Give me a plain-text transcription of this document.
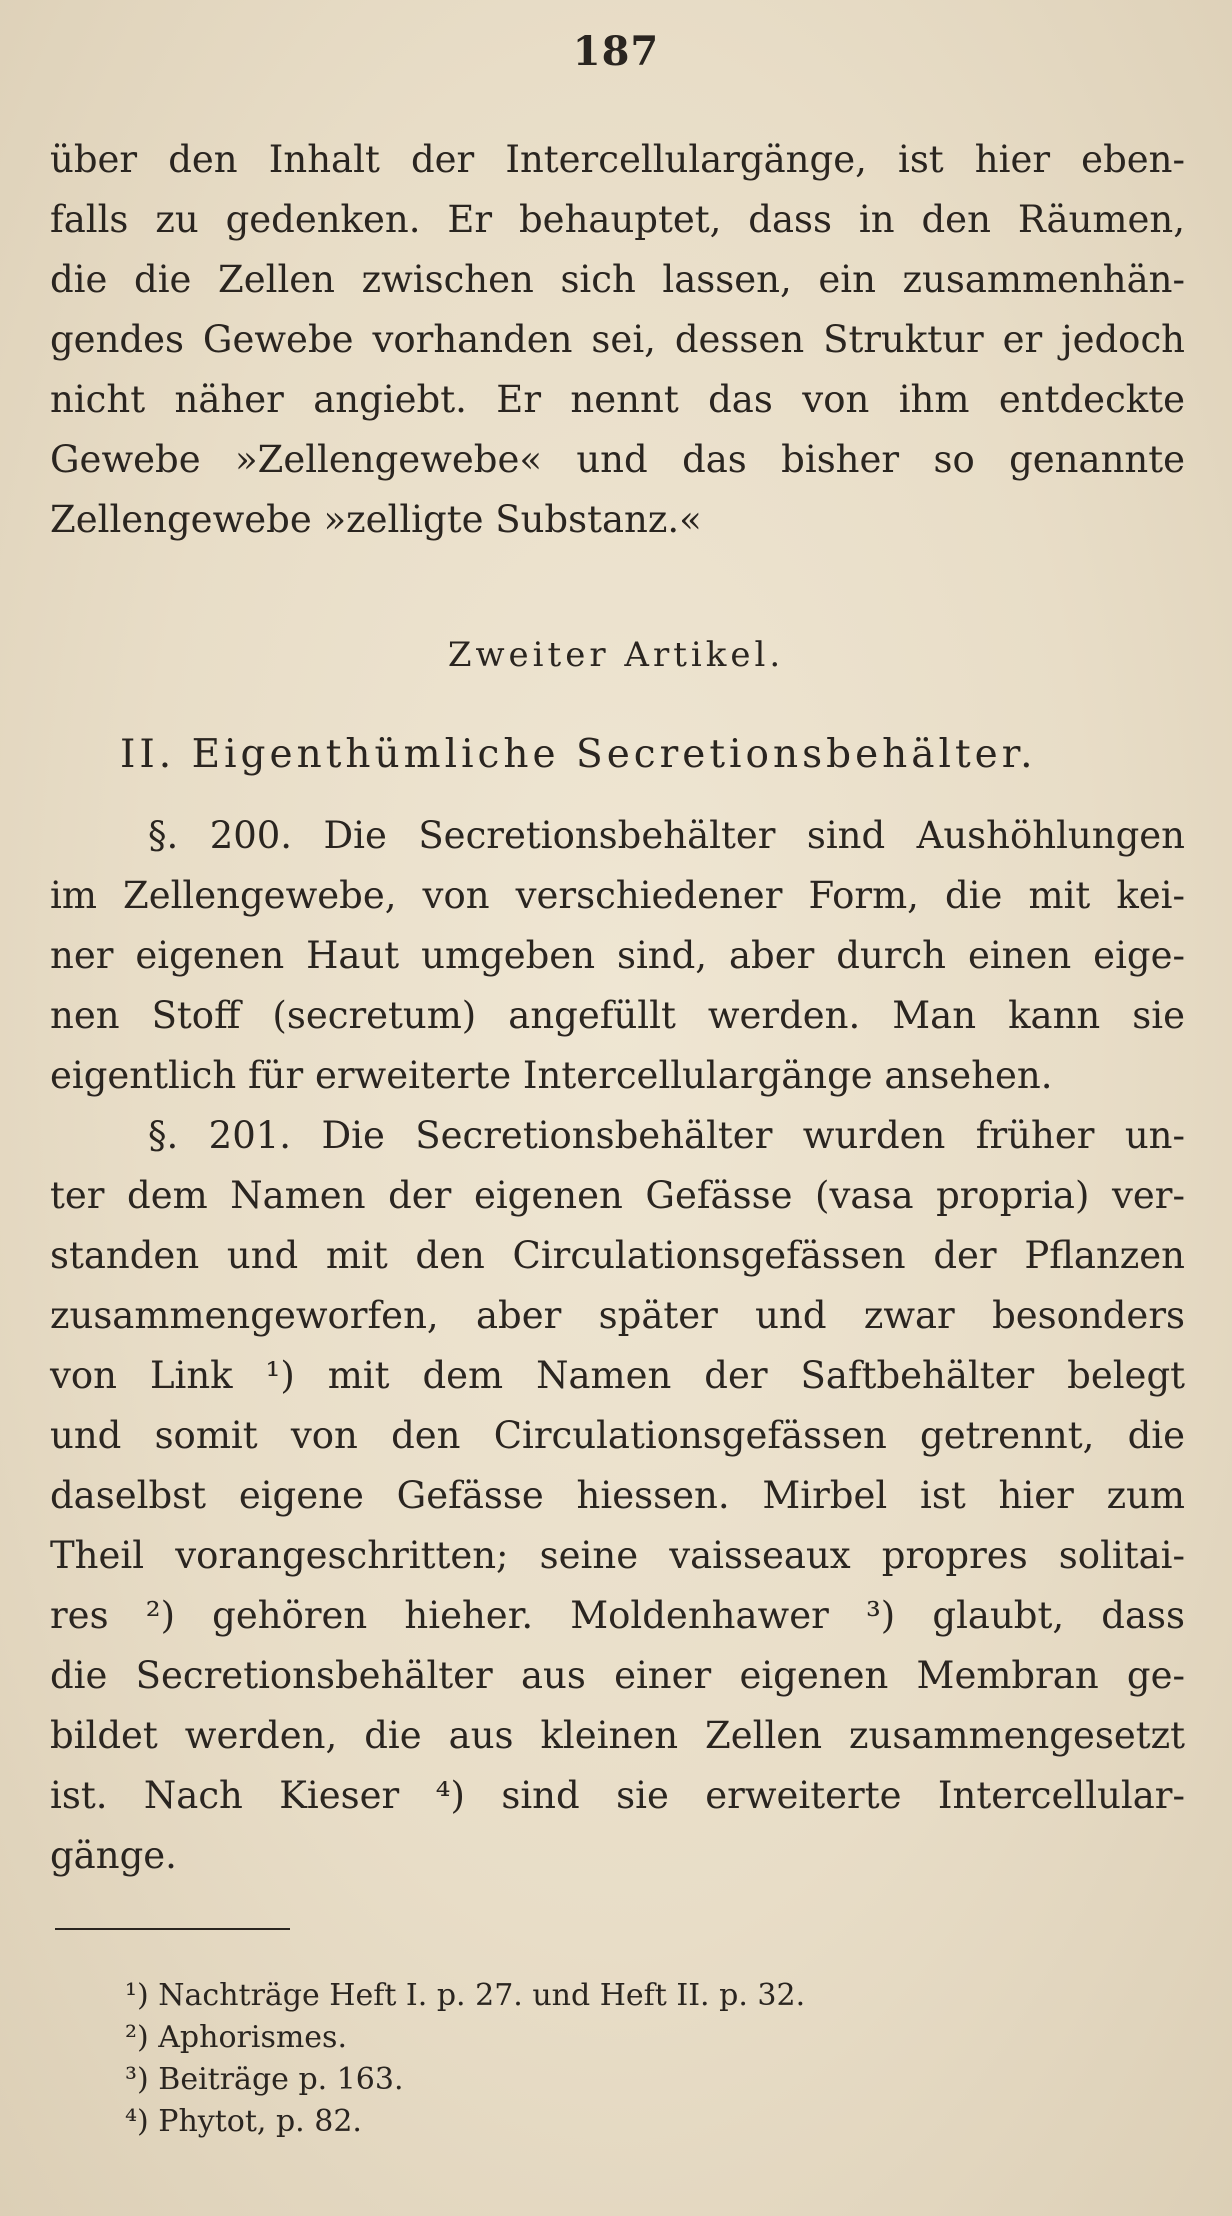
187
über den Inhalt der Intercellulargänge, ist hier eben-
falls zu gedenken. Er behauptet, dass in den Räumen,
die die Zellen zwischen sich lassen, ein zusammenhän-
gendes Gewebe vorhanden sei, dessen Struktur er jedoch
nicht näher angiebt. Er nennt das von ihm entdeckte
Gewebe »Zellengewebe« und das bisher so genannte
Zellengewebe »zelligte Substanz.«
Zweiter Artikel.
II. Eigenthümliche Secretionsbehälter.
§. 200. Die Secretionsbehälter sind Aushöhlungen
im Zellengewebe, von verschiedener Form, die mit kei-
ner eigenen Haut umgeben sind, aber durch einen eige-
nen Stoff (secretum) angefüllt werden. Man kann sie
eigentlich für erweiterte Intercellulargänge ansehen.
§. 201. Die Secretionsbehälter wurden früher un-
ter dem Namen der eigenen Gefässe (vasa propria) ver-
standen und mit den Circulationsgefässen der Pflanzen
zusammengeworfen, aber später und zwar besonders
von Link ¹) mit dem Namen der Saftbehälter belegt
und somit von den Circulationsgefässen getrennt, die
daselbst eigene Gefässe hiessen. Mirbel ist hier zum
Theil vorangeschritten; seine vaisseaux propres solitai-
res ²) gehören hieher. Moldenhawer ³) glaubt, dass
die Secretionsbehälter aus einer eigenen Membran ge-
bildet werden, die aus kleinen Zellen zusammengesetzt
ist. Nach Kieser ⁴) sind sie erweiterte Intercellular-
gänge.
¹) Nachträge Heft I. p. 27. und Heft II. p. 32.
²) Aphorismes.
³) Beiträge p. 163.
⁴) Phytot, p. 82.
